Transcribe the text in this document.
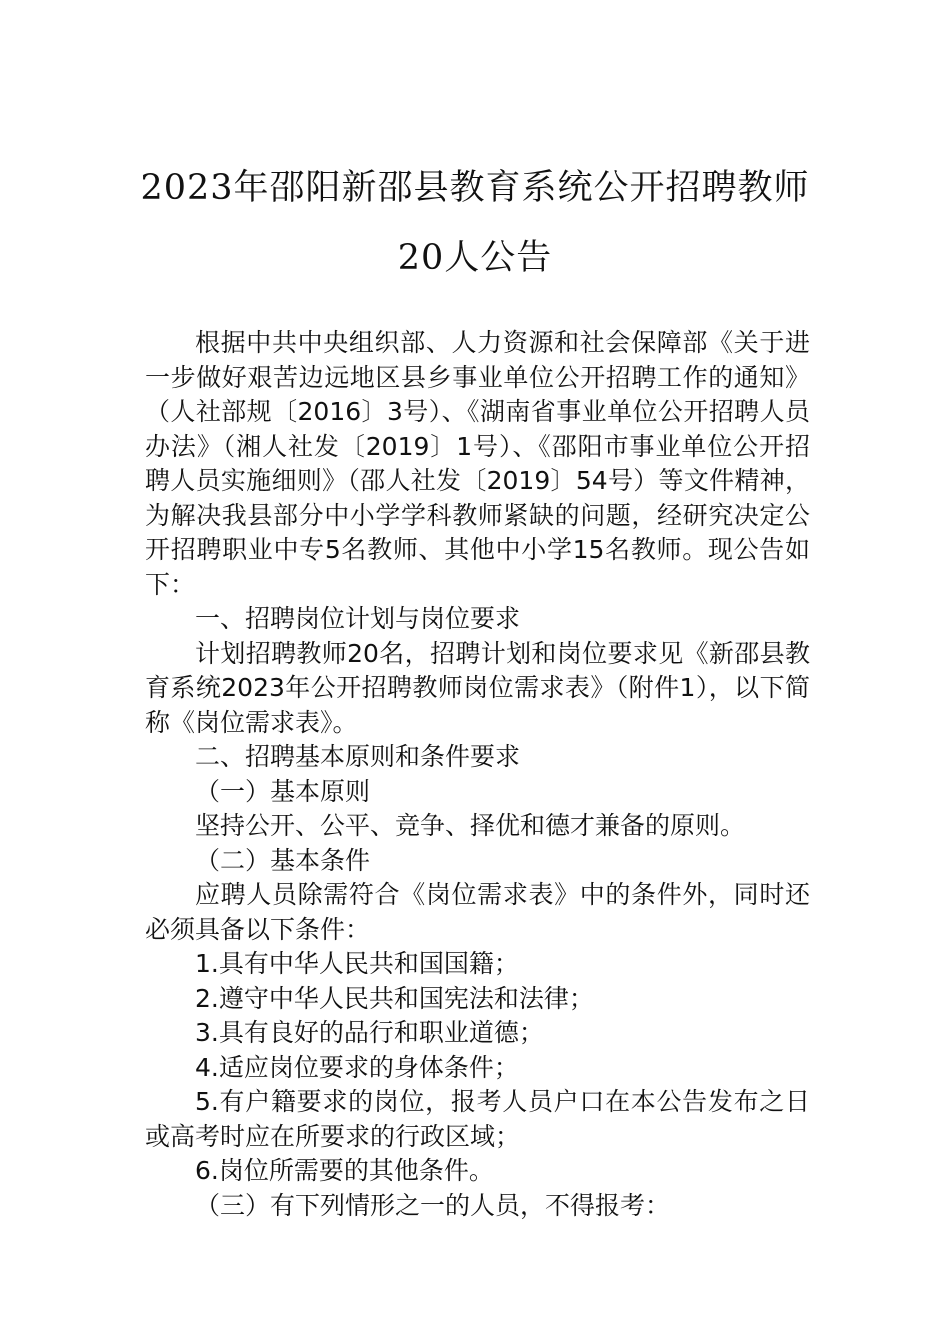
2023年邵阳新邵县教育系统公开招聘教师
20人公告

根据中共中央组织部、人力资源和社会保障部《关于进一步做好艰苦边远地区县乡事业单位公开招聘工作的通知》（人社部规〔2016〕3号）、《湖南省事业单位公开招聘人员办法》（湘人社发〔2019〕1号）、《邵阳市事业单位公开招聘人员实施细则》（邵人社发〔2019〕54号）等文件精神，为解决我县部分中小学学科教师紧缺的问题，经研究决定公开招聘职业中专5名教师、其他中小学15名教师。现公告如下：

一、招聘岗位计划与岗位要求

计划招聘教师20名，招聘计划和岗位要求见《新邵县教育系统2023年公开招聘教师岗位需求表》（附件1），以下简称《岗位需求表》。

二、招聘基本原则和条件要求

（一）基本原则

坚持公开、公平、竞争、择优和德才兼备的原则。

（二）基本条件

应聘人员除需符合《岗位需求表》中的条件外，同时还必须具备以下条件：

1.具有中华人民共和国国籍；

2.遵守中华人民共和国宪法和法律；

3.具有良好的品行和职业道德；

4.适应岗位要求的身体条件；

5.有户籍要求的岗位，报考人员户口在本公告发布之日或高考时应在所要求的行政区域；

6.岗位所需要的其他条件。

（三）有下列情形之一的人员，不得报考：
